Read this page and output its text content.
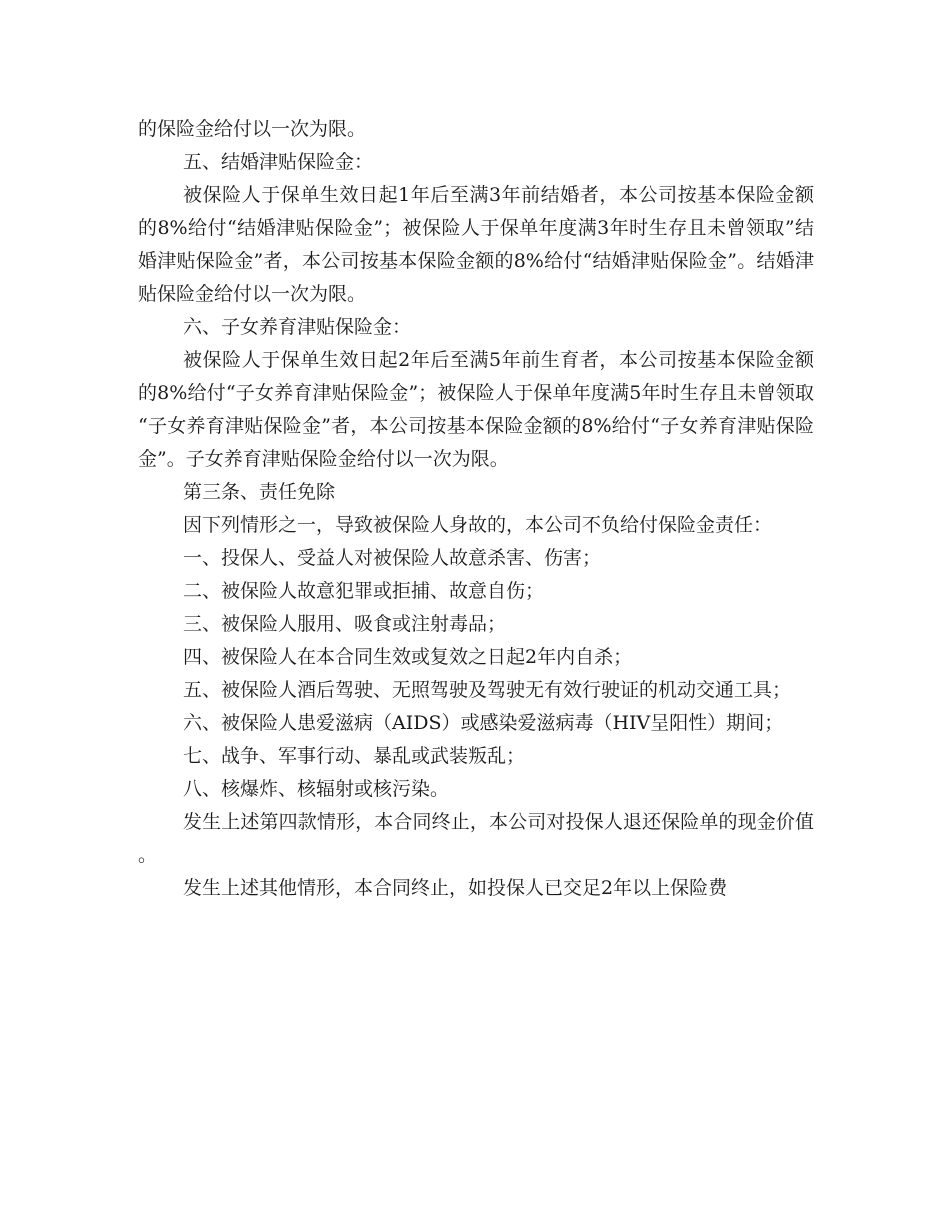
的保险金给付以一次为限。

五、结婚津贴保险金：

被保险人于保单生效日起1年后至满3年前结婚者，本公司按基本保险金额的8%给付“结婚津贴保险金”；被保险人于保单年度满3年时生存且未曾领取”结婚津贴保险金”者，本公司按基本保险金额的8%给付“结婚津贴保险金”。结婚津贴保险金给付以一次为限。

六、子女养育津贴保险金：

被保险人于保单生效日起2年后至满5年前生育者，本公司按基本保险金额的8%给付“子女养育津贴保险金”；被保险人于保单年度满5年时生存且未曾领取“子女养育津贴保险金”者，本公司按基本保险金额的8%给付“子女养育津贴保险金”。子女养育津贴保险金给付以一次为限。

第三条、责任免除

因下列情形之一，导致被保险人身故的，本公司不负给付保险金责任：

一、投保人、受益人对被保险人故意杀害、伤害；

二、被保险人故意犯罪或拒捕、故意自伤；

三、被保险人服用、吸食或注射毒品；

四、被保险人在本合同生效或复效之日起2年内自杀；

五、被保险人酒后驾驶、无照驾驶及驾驶无有效行驶证的机动交通工具；

六、被保险人患爱滋病（AIDS）或感染爱滋病毒（HIV呈阳性）期间；

七、战争、军事行动、暴乱或武装叛乱；

八、核爆炸、核辐射或核污染。

发生上述第四款情形，本合同终止，本公司对投保人退还保险单的现金价值。

发生上述其他情形，本合同终止，如投保人已交足2年以上保险费
